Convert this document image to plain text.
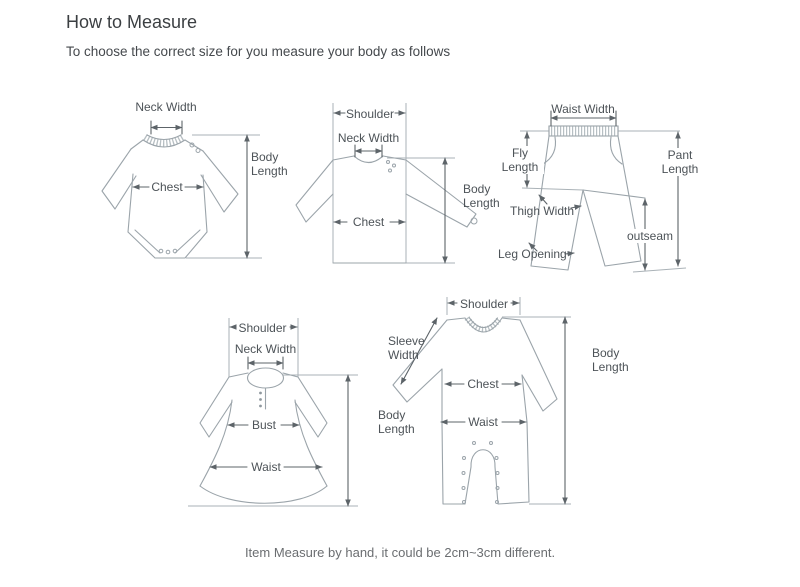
How to Measure
To choose the correct size for you measure your body as follows
Neck Width
Chest
Body Length
Shoulder
Neck Width
Chest
Body Length
Waist Width
Fly Length
Thigh Width
Leg Opening
outseam
Pant Length
Shoulder
Neck Width
Bust
Waist
Body Length
Shoulder
Sleeve Width
Chest
Waist
Body Length
Item Measure by hand, it could be 2cm~3cm different.
